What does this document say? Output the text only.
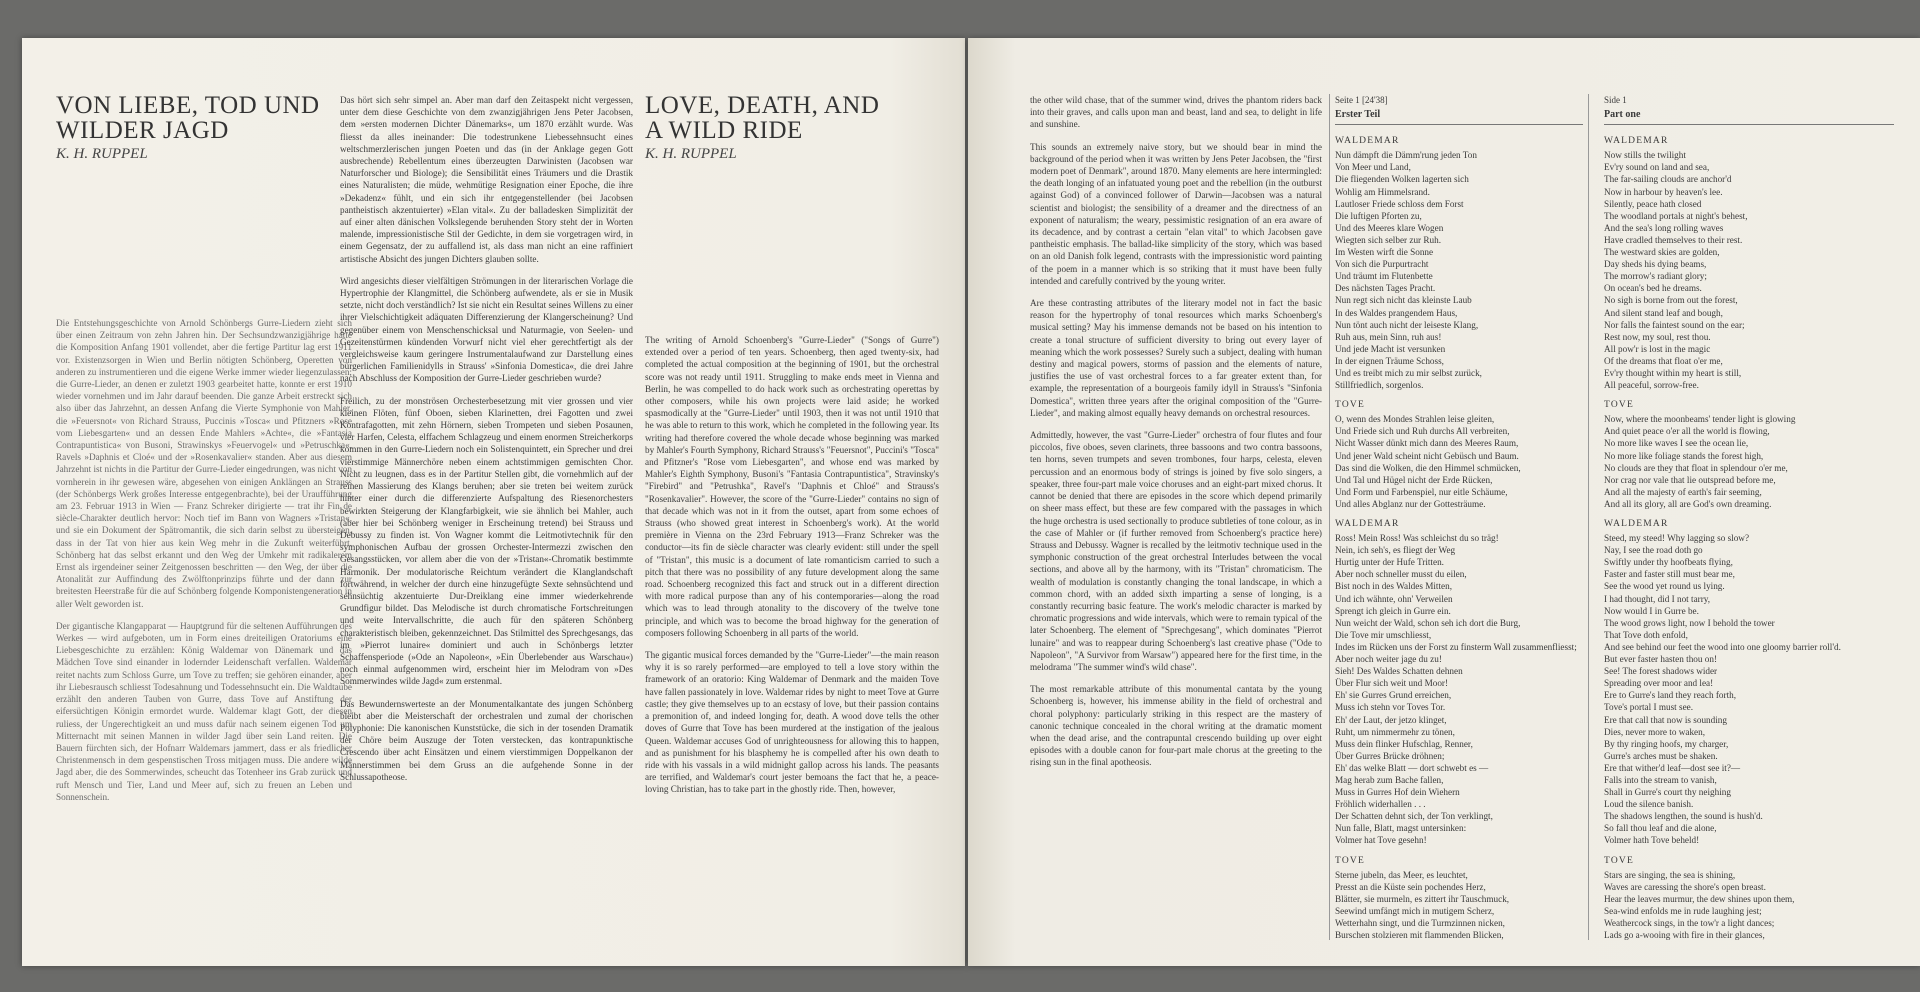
VON LIEBE, TOD UND
WILDER JAGD
K. H. RUPPEL

Die Entstehungsgeschichte von Arnold Schönbergs Gurre-Liedern zieht sich über einen Zeitraum von zehn Jahren hin. Der Sechsundzwanzigjährige hatte die Komposition Anfang 1901 vollendet, aber die fertige Partitur lag erst 1911 vor. Existenzsorgen in Wien und Berlin nötigten Schönberg, Operetten von anderen zu instrumentieren und die eigene Werke immer wieder liegenzulassen; die Gurre-Lieder, an denen er zuletzt 1903 gearbeitet hatte, konnte er erst 1910 wieder vornehmen und im Jahr darauf beenden. Die ganze Arbeit erstreckt sich also über das Jahrzehnt, an dessen Anfang die Vierte Symphonie von Mahler, die »Feuersnot« von Richard Strauss, Puccinis »Tosca« und Pfitzners »Rose vom Liebesgarten« und an dessen Ende Mahlers »Achte«, die »Fantasia Contrapuntistica« von Busoni, Strawinskys »Feuervogel« und »Petruschka«, Ravels »Daphnis et Cloé« und der »Rosenkavalier« standen. Aber aus diesem Jahrzehnt ist nichts in die Partitur der Gurre-Lieder eingedrungen, was nicht von vornherein in ihr gewesen wäre, abgesehen von einigen Anklängen an Strauss (der Schönbergs Werk großes Interesse entgegenbrachte), bei der Uraufführung am 23. Februar 1913 in Wien — Franz Schreker dirigierte — trat ihr Fin de siècle-Charakter deutlich hervor: Noch tief im Bann von Wagners »Tristan«, und sie ein Dokument der Spätromantik, die sich darin selbst zu übersteigen, dass in der Tat von hier aus kein Weg mehr in die Zukunft weiterführt. Schönberg hat das selbst erkannt und den Weg der Umkehr mit radikalerem Ernst als irgendeiner seiner Zeitgenossen beschritten — den Weg, der über die Atonalität zur Auffindung des Zwölftonprinzips führte und der dann zur breitesten Heerstraße für die auf Schönberg folgende Komponistengeneration in aller Welt geworden ist.

Der gigantische Klangapparat — Hauptgrund für die seltenen Aufführungen des Werkes — wird aufgeboten, um in Form eines dreiteiligen Oratoriums eine Liebesgeschichte zu erzählen: König Waldemar von Dänemark und das Mädchen Tove sind einander in lodernder Leidenschaft verfallen. Waldemar reitet nachts zum Schloss Gurre, um Tove zu treffen; sie gehören einander, aber ihr Liebesrausch schliesst Todesahnung und Todessehnsucht ein. Die Waldtaube erzählt den anderen Tauben von Gurre, dass Tove auf Anstiftung der eifersüchtigen Königin ermordet wurde. Waldemar klagt Gott, der diesen ruliess, der Ungerechtigkeit an und muss dafür nach seinem eigenen Tod um Mitternacht mit seinen Mannen in wilder Jagd über sein Land reiten. Die Bauern fürchten sich, der Hofnarr Waldemars jammert, dass er als friedlicher Christenmensch in dem gespenstischen Tross mitjagen muss. Die andere wilde Jagd aber, die des Sommerwindes, scheucht das Totenheer ins Grab zurück und ruft Mensch und Tier, Land und Meer auf, sich zu freuen an Leben und Sonnenschein.

Das hört sich sehr simpel an. Aber man darf den Zeitaspekt nicht vergessen, unter dem diese Geschichte von dem zwanzigjährigen Jens Peter Jacobsen, dem »ersten modernen Dichter Dänemarks«, um 1870 erzählt wurde. Was fliesst da alles ineinander: Die todestrunkene Liebessehnsucht eines weltschmerzlerischen jungen Poeten und das (in der Anklage gegen Gott ausbrechende) Rebellentum eines überzeugten Darwinisten (Jacobsen war Naturforscher und Biologe); die Sensibilität eines Träumers und die Drastik eines Naturalisten; die müde, wehmütige Resignation einer Epoche, die ihre »Dekadenz« fühlt, und ein sich ihr entgegenstellender (bei Jacobsen pantheistisch akzentuierter) »Elan vital«. Zu der balladesken Simplizität der auf einer alten dänischen Volkslegende beruhenden Story steht der in Worten malende, impressionistische Stil der Gedichte, in dem sie vorgetragen wird, in einem Gegensatz, der zu auffallend ist, als dass man nicht an eine raffiniert artistische Absicht des jungen Dichters glauben sollte.

Wird angesichts dieser vielfältigen Strömungen in der literarischen Vorlage die Hypertrophie der Klangmittel, die Schönberg aufwendete, als er sie in Musik setzte, nicht doch verständlich? Ist sie nicht ein Resultat seines Willens zu einer ihrer Vielschichtigkeit adäquaten Differenzierung der Klangerscheinung? Und gegenüber einem von Menschenschicksal und Naturmagie, von Seelen- und Gezeitenstürmen kündenden Vorwurf nicht viel eher gerechtfertigt als der vergleichsweise kaum geringere Instrumentalaufwand zur Darstellung eines bürgerlichen Familienidylls in Strauss' »Sinfonia Domestica«, die drei Jahre nach Abschluss der Komposition der Gurre-Lieder geschrieben wurde?

Freilich, zu der monströsen Orchesterbesetzung mit vier grossen und vier kleinen Flöten, fünf Oboen, sieben Klarinetten, drei Fagotten und zwei Kontrafagotten, mit zehn Hörnern, sieben Trompeten und sieben Posaunen, vier Harfen, Celesta, elffachem Schlagzeug und einem enormen Streicherkorps kommen in den Gurre-Liedern noch ein Solistenquintett, ein Sprecher und drei vierstimmige Männerchöre neben einem achtstimmigen gemischten Chor. Nicht zu leugnen, dass es in der Partitur Stellen gibt, die vornehmlich auf der reinen Massierung des Klangs beruhen; aber sie treten bei weitem zurück hinter einer durch die differenzierte Aufspaltung des Riesenorchesters bewirkten Steigerung der Klangfarbigkeit, wie sie ähnlich bei Mahler, auch (aber hier bei Schönberg weniger in Erscheinung tretend) bei Strauss und Debussy zu finden ist. Von Wagner kommt die Leitmotivtechnik für den symphonischen Aufbau der grossen Orchester-Intermezzi zwischen den Gesangsstücken, vor allem aber die von der »Tristan«-Chromatik bestimmte Harmonik. Der modulatorische Reichtum verändert die Klanglandschaft fortwährend, in welcher der durch eine hinzugefügte Sexte sehnsüchtend und sehnsüchtig akzentuierte Dur-Dreiklang eine immer wiederkehrende Grundfigur bildet. Das Melodische ist durch chromatische Fortschreitungen und weite Intervallschritte, die auch für den späteren Schönberg charakteristisch bleiben, gekennzeichnet. Das Stilmittel des Sprechgesangs, das im »Pierrot lunaire« dominiert und auch in Schönbergs letzter Schaffensperiode (»Ode an Napoleon«, »Ein Überlebender aus Warschau«) noch einmal aufgenommen wird, erscheint hier im Melodram von »Des Sommerwindes wilde Jagd« zum erstenmal.

Das Bewundernswerteste an der Monumentalkantate des jungen Schönberg bleibt aber die Meisterschaft der orchestralen und zumal der chorischen Polyphonie: Die kanonischen Kunststücke, die sich in der tosenden Dramatik der Chöre beim Auszuge der Toten verstecken, das kontrapunktische Crescendo über acht Einsätzen und einem vierstimmigen Doppelkanon der Männerstimmen bei dem Gruss an die aufgehende Sonne in der Schlussapotheose.

LOVE, DEATH, AND
A WILD RIDE
K. H. RUPPEL

The writing of Arnold Schoenberg's "Gurre-Lieder" ("Songs of Gurre") extended over a period of ten years. Schoenberg, then aged twenty-six, had completed the actual composition at the beginning of 1901, but the orchestral score was not ready until 1911. Struggling to make ends meet in Vienna and Berlin, he was compelled to do hack work such as orchestrating operettas by other composers, while his own projects were laid aside; he worked spasmodically at the "Gurre-Lieder" until 1903, then it was not until 1910 that he was able to return to this work, which he completed in the following year. Its writing had therefore covered the whole decade whose beginning was marked by Mahler's Fourth Symphony, Richard Strauss's "Feuersnot", Puccini's "Tosca" and Pfitzner's "Rose vom Liebesgarten", and whose end was marked by Mahler's Eighth Symphony, Busoni's "Fantasia Contrapuntistica", Stravinsky's "Firebird" and "Petrushka", Ravel's "Daphnis et Chloé" and Strauss's "Rosenkavalier". However, the score of the "Gurre-Lieder" contains no sign of that decade which was not in it from the outset, apart from some echoes of Strauss (who showed great interest in Schoenberg's work). At the world première in Vienna on the 23rd February 1913—Franz Schreker was the conductor—its fin de siècle character was clearly evident: still under the spell of "Tristan", this music is a document of late romanticism carried to such a pitch that there was no possibility of any future development along the same road. Schoenberg recognized this fact and struck out in a different direction with more radical purpose than any of his contemporaries—along the road which was to lead through atonality to the discovery of the twelve tone principle, and which was to become the broad highway for the generation of composers following Schoenberg in all parts of the world.

The gigantic musical forces demanded by the "Gurre-Lieder"—the main reason why it is so rarely performed—are employed to tell a love story within the framework of an oratorio: King Waldemar of Denmark and the maiden Tove have fallen passionately in love. Waldemar rides by night to meet Tove at Gurre castle; they give themselves up to an ecstasy of love, but their passion contains a premonition of, and indeed longing for, death. A wood dove tells the other doves of Gurre that Tove has been murdered at the instigation of the jealous Queen. Waldemar accuses God of unrighteousness for allowing this to happen, and as punishment for his blasphemy he is compelled after his own death to ride with his vassals in a wild midnight gallop across his lands. The peasants are terrified, and Waldemar's court jester bemoans the fact that he, a peace-loving Christian, has to take part in the ghostly ride. Then, however,

the other wild chase, that of the summer wind, drives the phantom riders back into their graves, and calls upon man and beast, land and sea, to delight in life and sunshine.

This sounds an extremely naive story, but we should bear in mind the background of the period when it was written by Jens Peter Jacobsen, the "first modern poet of Denmark", around 1870. Many elements are here intermingled: the death longing of an infatuated young poet and the rebellion (in the outburst against God) of a convinced follower of Darwin—Jacobsen was a natural scientist and biologist; the sensibility of a dreamer and the directness of an exponent of naturalism; the weary, pessimistic resignation of an era aware of its decadence, and by contrast a certain "elan vital" to which Jacobsen gave pantheistic emphasis. The ballad-like simplicity of the story, which was based on an old Danish folk legend, contrasts with the impressionistic word painting of the poem in a manner which is so striking that it must have been fully intended and carefully contrived by the young writer.

Are these contrasting attributes of the literary model not in fact the basic reason for the hypertrophy of tonal resources which marks Schoenberg's musical setting? May his immense demands not be based on his intention to create a tonal structure of sufficient diversity to bring out every layer of meaning which the work possesses? Surely such a subject, dealing with human destiny and magical powers, storms of passion and the elements of nature, justifies the use of vast orchestral forces to a far greater extent than, for example, the representation of a bourgeois family idyll in Strauss's "Sinfonia Domestica", written three years after the original composition of the "Gurre-Lieder", and making almost equally heavy demands on orchestral resources.

Admittedly, however, the vast "Gurre-Lieder" orchestra of four flutes and four piccolos, five oboes, seven clarinets, three bassoons and two contra bassoons, ten horns, seven trumpets and seven trombones, four harps, celesta, eleven percussion and an enormous body of strings is joined by five solo singers, a speaker, three four-part male voice choruses and an eight-part mixed chorus. It cannot be denied that there are episodes in the score which depend primarily on sheer mass effect, but these are few compared with the passages in which the huge orchestra is used sectionally to produce subtleties of tone colour, as in the case of Mahler or (if further removed from Schoenberg's practice here) Strauss and Debussy. Wagner is recalled by the leitmotiv technique used in the symphonic construction of the great orchestral Interludes between the vocal sections, and above all by the harmony, with its "Tristan" chromaticism. The wealth of modulation is constantly changing the tonal landscape, in which a common chord, with an added sixth imparting a sense of longing, is a constantly recurring basic feature. The work's melodic character is marked by chromatic progressions and wide intervals, which were to remain typical of the later Schoenberg. The element of "Sprechgesang", which dominates "Pierrot lunaire" and was to reappear during Schoenberg's last creative phase ("Ode to Napoleon", "A Survivor from Warsaw") appeared here for the first time, in the melodrama "The summer wind's wild chase".

The most remarkable attribute of this monumental cantata by the young Schoenberg is, however, his immense ability in the field of orchestral and choral polyphony: particularly striking in this respect are the mastery of canonic technique concealed in the choral writing at the dramatic moment when the dead arise, and the contrapuntal crescendo building up over eight episodes with a double canon for four-part male chorus at the greeting to the rising sun in the final apotheosis.

Seite 1 [24'38]
Erster Teil
WALDEMAR
Nun dämpft die Dämm'rung jeden Ton
Von Meer und Land,
Die fliegenden Wolken lagerten sich
Wohlig am Himmelsrand.
Lautloser Friede schloss dem Forst
Die luftigen Pforten zu,
Und des Meeres klare Wogen
Wiegten sich selber zur Ruh.
Im Westen wirft die Sonne
Von sich die Purpurtracht
Und träumt im Flutenbette
Des nächsten Tages Pracht.
Nun regt sich nicht das kleinste Laub
In des Waldes prangendem Haus,
Nun tönt auch nicht der leiseste Klang,
Ruh aus, mein Sinn, ruh aus!
Und jede Macht ist versunken
In der eignen Träume Schoss,
Und es treibt mich zu mir selbst zurück,
Stillfriedlich, sorgenlos.
TOVE
O, wenn des Mondes Strahlen leise gleiten,
Und Friede sich und Ruh durchs All verbreiten,
Nicht Wasser dünkt mich dann des Meeres Raum,
Und jener Wald scheint nicht Gebüsch und Baum.
Das sind die Wolken, die den Himmel schmücken,
Und Tal und Hügel nicht der Erde Rücken,
Und Form und Farbenspiel, nur eitle Schäume,
Und alles Abglanz nur der Gottesträume.
WALDEMAR
Ross! Mein Ross! Was schleichst du so träg!
Nein, ich seh's, es fliegt der Weg
Hurtig unter der Hufe Tritten.
Aber noch schneller musst du eilen,
Bist noch in des Waldes Mitten,
Und ich wähnte, ohn' Verweilen
Sprengt ich gleich in Gurre ein.
Nun weicht der Wald, schon seh ich dort die Burg,
Die Tove mir umschliesst,
Indes im Rücken uns der Forst zu finsterm Wall zusammenfliesst;
Aber noch weiter jage du zu!
Sieh! Des Waldes Schatten dehnen
Über Flur sich weit und Moor!
Eh' sie Gurres Grund erreichen,
Muss ich stehn vor Toves Tor.
Eh' der Laut, der jetzo klinget,
Ruht, um nimmermehr zu tönen,
Muss dein flinker Hufschlag, Renner,
Über Gurres Brücke dröhnen;
Eh' das welke Blatt — dort schwebt es —
Mag herab zum Bache fallen,
Muss in Gurres Hof dein Wiehern
Fröhlich widerhallen . . .
Der Schatten dehnt sich, der Ton verklingt,
Nun falle, Blatt, magst untersinken:
Volmer hat Tove gesehn!
TOVE
Sterne jubeln, das Meer, es leuchtet,
Presst an die Küste sein pochendes Herz,
Blätter, sie murmeln, es zittert ihr Tauschmuck,
Seewind umfängt mich in mutigem Scherz,
Wetterhahn singt, und die Turmzinnen nicken,
Burschen stolzieren mit flammenden Blicken,
Side 1
Part one
WALDEMAR
Now stills the twilight
Ev'ry sound on land and sea,
The far-sailing clouds are anchor'd
Now in harbour by heaven's lee.
Silently, peace hath closed
The woodland portals at night's behest,
And the sea's long rolling waves
Have cradled themselves to their rest.
The westward skies are golden,
Day sheds his dying beams,
The morrow's radiant glory;
On ocean's bed he dreams.
No sigh is borne from out the forest,
And silent stand leaf and bough,
Nor falls the faintest sound on the ear;
Rest now, my soul, rest thou.
All pow'r is lost in the magic
Of the dreams that float o'er me,
Ev'ry thought within my heart is still,
All peaceful, sorrow-free.
TOVE
Now, where the moonbeams' tender light is glowing
And quiet peace o'er all the world is flowing,
No more like waves I see the ocean lie,
No more like foliage stands the forest high,
No clouds are they that float in splendour o'er me,
Nor crag nor vale that lie outspread before me,
And all the majesty of earth's fair seeming,
And all its glory, all are God's own dreaming.
WALDEMAR
Steed, my steed! Why lagging so slow?
Nay, I see the road doth go
Swiftly under thy hoofbeats flying,
Faster and faster still must bear me,
See the wood yet round us lying.
I had thought, did I not tarry,
Now would I in Gurre be.
The wood grows light, now I behold the tower
That Tove doth enfold,
And see behind our feet the wood into one gloomy barrier roll'd.
But ever faster hasten thou on!
See! The forest shadows wider
Spreading over moor and lea!
Ere to Gurre's land they reach forth,
Tove's portal I must see.
Ere that call that now is sounding
Dies, never more to waken,
By thy ringing hoofs, my charger,
Gurre's arches must be shaken.
Ere that wither'd leaf—dost see it?—
Falls into the stream to vanish,
Shall in Gurre's court thy neighing
Loud the silence banish.
The shadows lengthen, the sound is hush'd.
So fall thou leaf and die alone,
Volmer hath Tove beheld!
TOVE
Stars are singing, the sea is shining,
Waves are caressing the shore's open breast.
Hear the leaves murmur, the dew shines upon them,
Sea-wind enfolds me in rude laughing jest;
Weathercock sings, in the tow'r a light dances;
Lads go a-wooing with fire in their glances,
